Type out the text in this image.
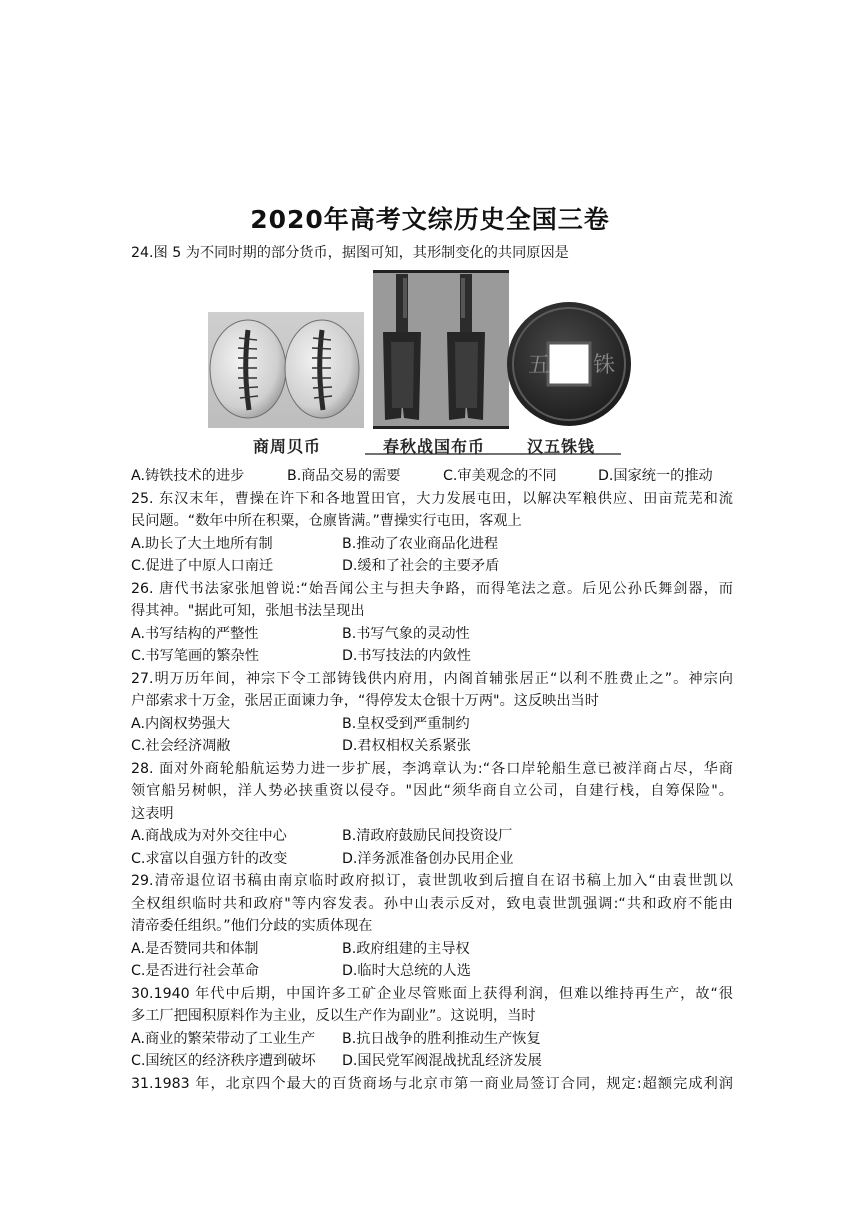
2020年高考文综历史全国三卷
24.图 5 为不同时期的部分货币，据图可知，其形制变化的共同原因是
五 铢
商周贝币	春秋战国布币	汉五铢钱
A.铸铁技术的进步	B.商品交易的需要	C.审美观念的不同	D.国家统一的推动
25. 东汉末年，曹操在许下和各地置田官，大力发展屯田，以解决军粮供应、田亩荒芜和流
民问题。“数年中所在积粟，仓廪皆满。”曹操实行屯田，客观上
A.助长了大土地所有制	B.推动了农业商品化进程
C.促进了中原人口南迁	D.缓和了社会的主要矛盾
26. 唐代书法家张旭曾说:“始吾闻公主与担夫争路，而得笔法之意。后见公孙氏舞剑器，而
得其神。"据此可知，张旭书法呈现出
A.书写结构的严整性	B.书写气象的灵动性
C.书写笔画的繁杂性	D.书写技法的内敛性
27.明万历年间，神宗下令工部铸钱供内府用，内阁首辅张居正“以利不胜费止之”。神宗向
户部索求十万金，张居正面谏力争，“得停发太仓银十万两"。这反映出当时
A.内阁权势强大	B.皇权受到严重制约
C.社会经济凋敝	D.君权相权关系紧张
28. 面对外商轮船航运势力进一步扩展，李鸿章认为:“各口岸轮船生意已被洋商占尽，华商
领官船另树帜，洋人势必挟重资以侵夺。"因此“须华商自立公司，自建行栈，自筹保险"。
这表明
A.商战成为对外交往中心	B.清政府鼓励民间投资设厂
C.求富以自强方针的改变	D.洋务派准备创办民用企业
29.清帝退位诏书稿由南京临时政府拟订，袁世凯收到后擅自在诏书稿上加入“由袁世凯以
全权组织临时共和政府"等内容发表。孙中山表示反对，致电袁世凯强调:“共和政府不能由
清帝委任组织。”他们分歧的实质体现在
A.是否赞同共和体制	B.政府组建的主导权
C.是否进行社会革命	D.临时大总统的人选
30.1940 年代中后期，中国许多工矿企业尽管账面上获得利润，但难以维持再生产，故“很
多工厂把囤积原料作为主业，反以生产作为副业”。这说明，当时
A.商业的繁荣带动了工业生产 B.抗日战争的胜利推动生产恢复
C.国统区的经济秩序遭到破坏 D.国民党军阀混战扰乱经济发展
31.1983 年，北京四个最大的百货商场与北京市第一商业局签订合同，规定:超额完成利润
